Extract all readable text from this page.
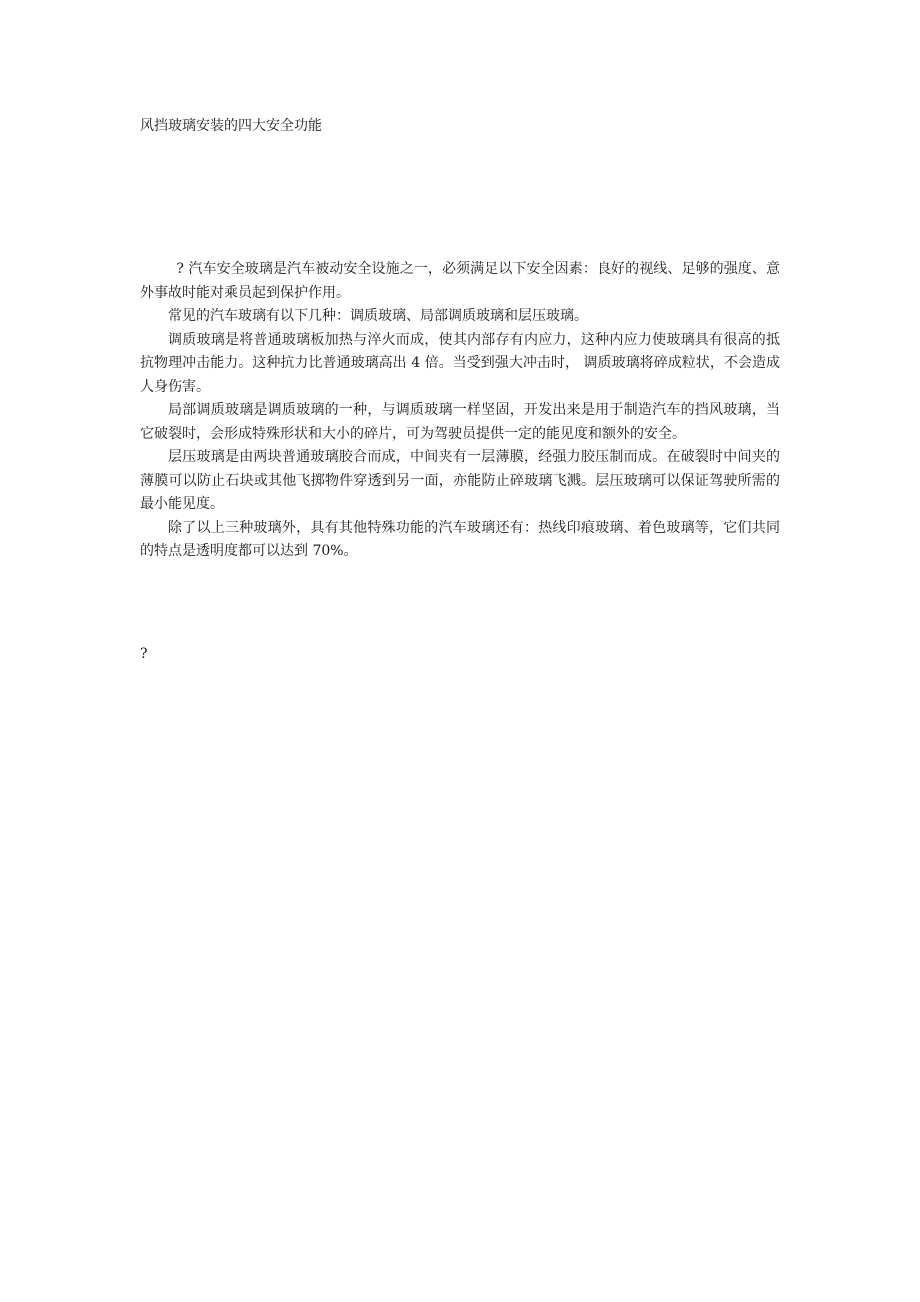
风挡玻璃安装的四大安全功能

? 汽车安全玻璃是汽车被动安全设施之一，必须满足以下安全因素：良好的视线、足够的强度、意外事故时能对乘员起到保护作用。

常见的汽车玻璃有以下几种：调质玻璃、局部调质玻璃和层压玻璃。

调质玻璃是将普通玻璃板加热与淬火而成，使其内部存有内应力，这种内应力使玻璃具有很高的抵抗物理冲击能力。这种抗力比普通玻璃高出 4 倍。当受到强大冲击时， 调质玻璃将碎成粒状，不会造成人身伤害。

局部调质玻璃是调质玻璃的一种，与调质玻璃一样坚固，开发出来是用于制造汽车的挡风玻璃，当它破裂时，会形成特殊形状和大小的碎片，可为驾驶员提供一定的能见度和额外的安全。

层压玻璃是由两块普通玻璃胶合而成，中间夹有一层薄膜，经强力胶压制而成。在破裂时中间夹的薄膜可以防止石块或其他飞掷物件穿透到另一面，亦能防止碎玻璃飞溅。层压玻璃可以保证驾驶所需的最小能见度。

除了以上三种玻璃外，具有其他特殊功能的汽车玻璃还有：热线印痕玻璃、着色玻璃等，它们共同的特点是透明度都可以达到 70%。

?
